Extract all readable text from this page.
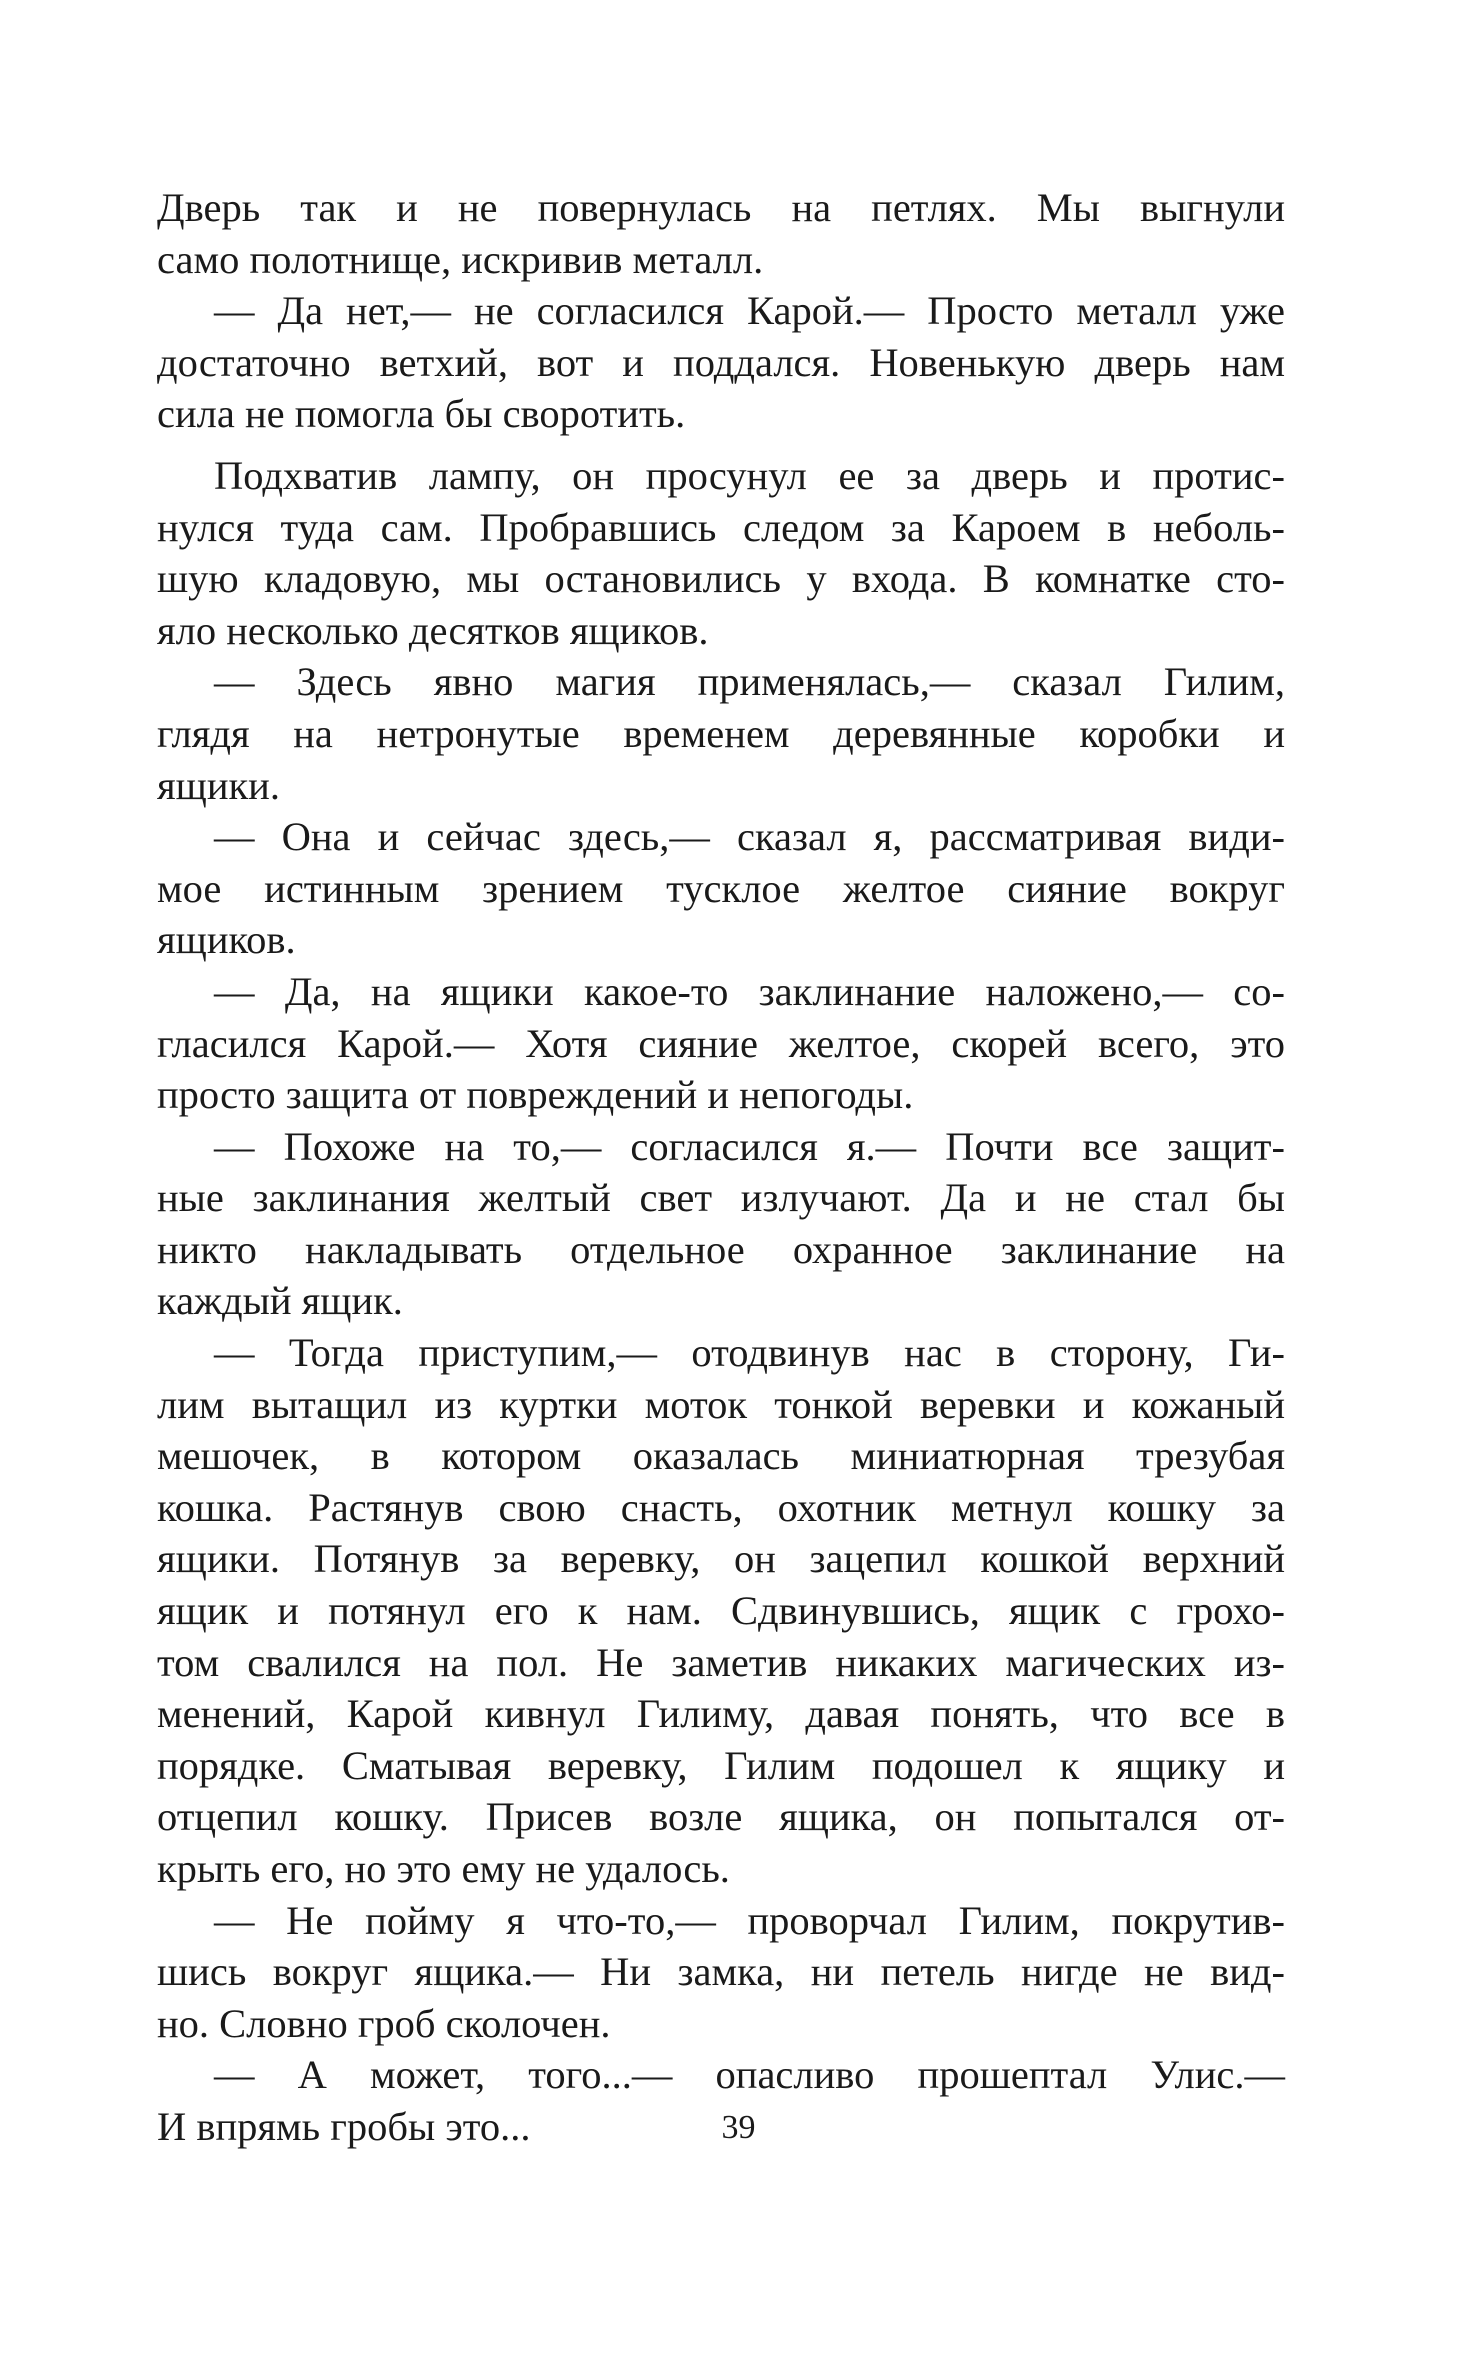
Дверь так и не повернулась на петлях. Мы выгнули
само полотнище, искривив металл.
— Да нет,— не согласился Карой.— Просто металл уже
достаточно ветхий, вот и поддался. Новенькую дверь нам
сила не помогла бы своротить.
Подхватив лампу, он просунул ее за дверь и протис-
нулся туда сам. Пробравшись следом за Кароем в неболь-
шую кладовую, мы остановились у входа. В комнатке сто-
яло несколько десятков ящиков.
— Здесь явно магия применялась,— сказал Гилим,
глядя на нетронутые временем деревянные коробки и
ящики.
— Она и сейчас здесь,— сказал я, рассматривая види-
мое истинным зрением тусклое желтое сияние вокруг
ящиков.
— Да, на ящики какое-то заклинание наложено,— со-
гласился Карой.— Хотя сияние желтое, скорей всего, это
просто защита от повреждений и непогоды.
— Похоже на то,— согласился я.— Почти все защит-
ные заклинания желтый свет излучают. Да и не стал бы
никто накладывать отдельное охранное заклинание на
каждый ящик.
— Тогда приступим,— отодвинув нас в сторону, Ги-
лим вытащил из куртки моток тонкой веревки и кожаный
мешочек, в котором оказалась миниатюрная трезубая
кошка. Растянув свою снасть, охотник метнул кошку за
ящики. Потянув за веревку, он зацепил кошкой верхний
ящик и потянул его к нам. Сдвинувшись, ящик с грохо-
том свалился на пол. Не заметив никаких магических из-
менений, Карой кивнул Гилиму, давая понять, что все в
порядке. Сматывая веревку, Гилим подошел к ящику и
отцепил кошку. Присев возле ящика, он попытался от-
крыть его, но это ему не удалось.
— Не пойму я что-то,— проворчал Гилим, покрутив-
шись вокруг ящика.— Ни замка, ни петель нигде не вид-
но. Словно гроб сколочен.
— А может, того...— опасливо прошептал Улис.—
И впрямь гробы это...	39
